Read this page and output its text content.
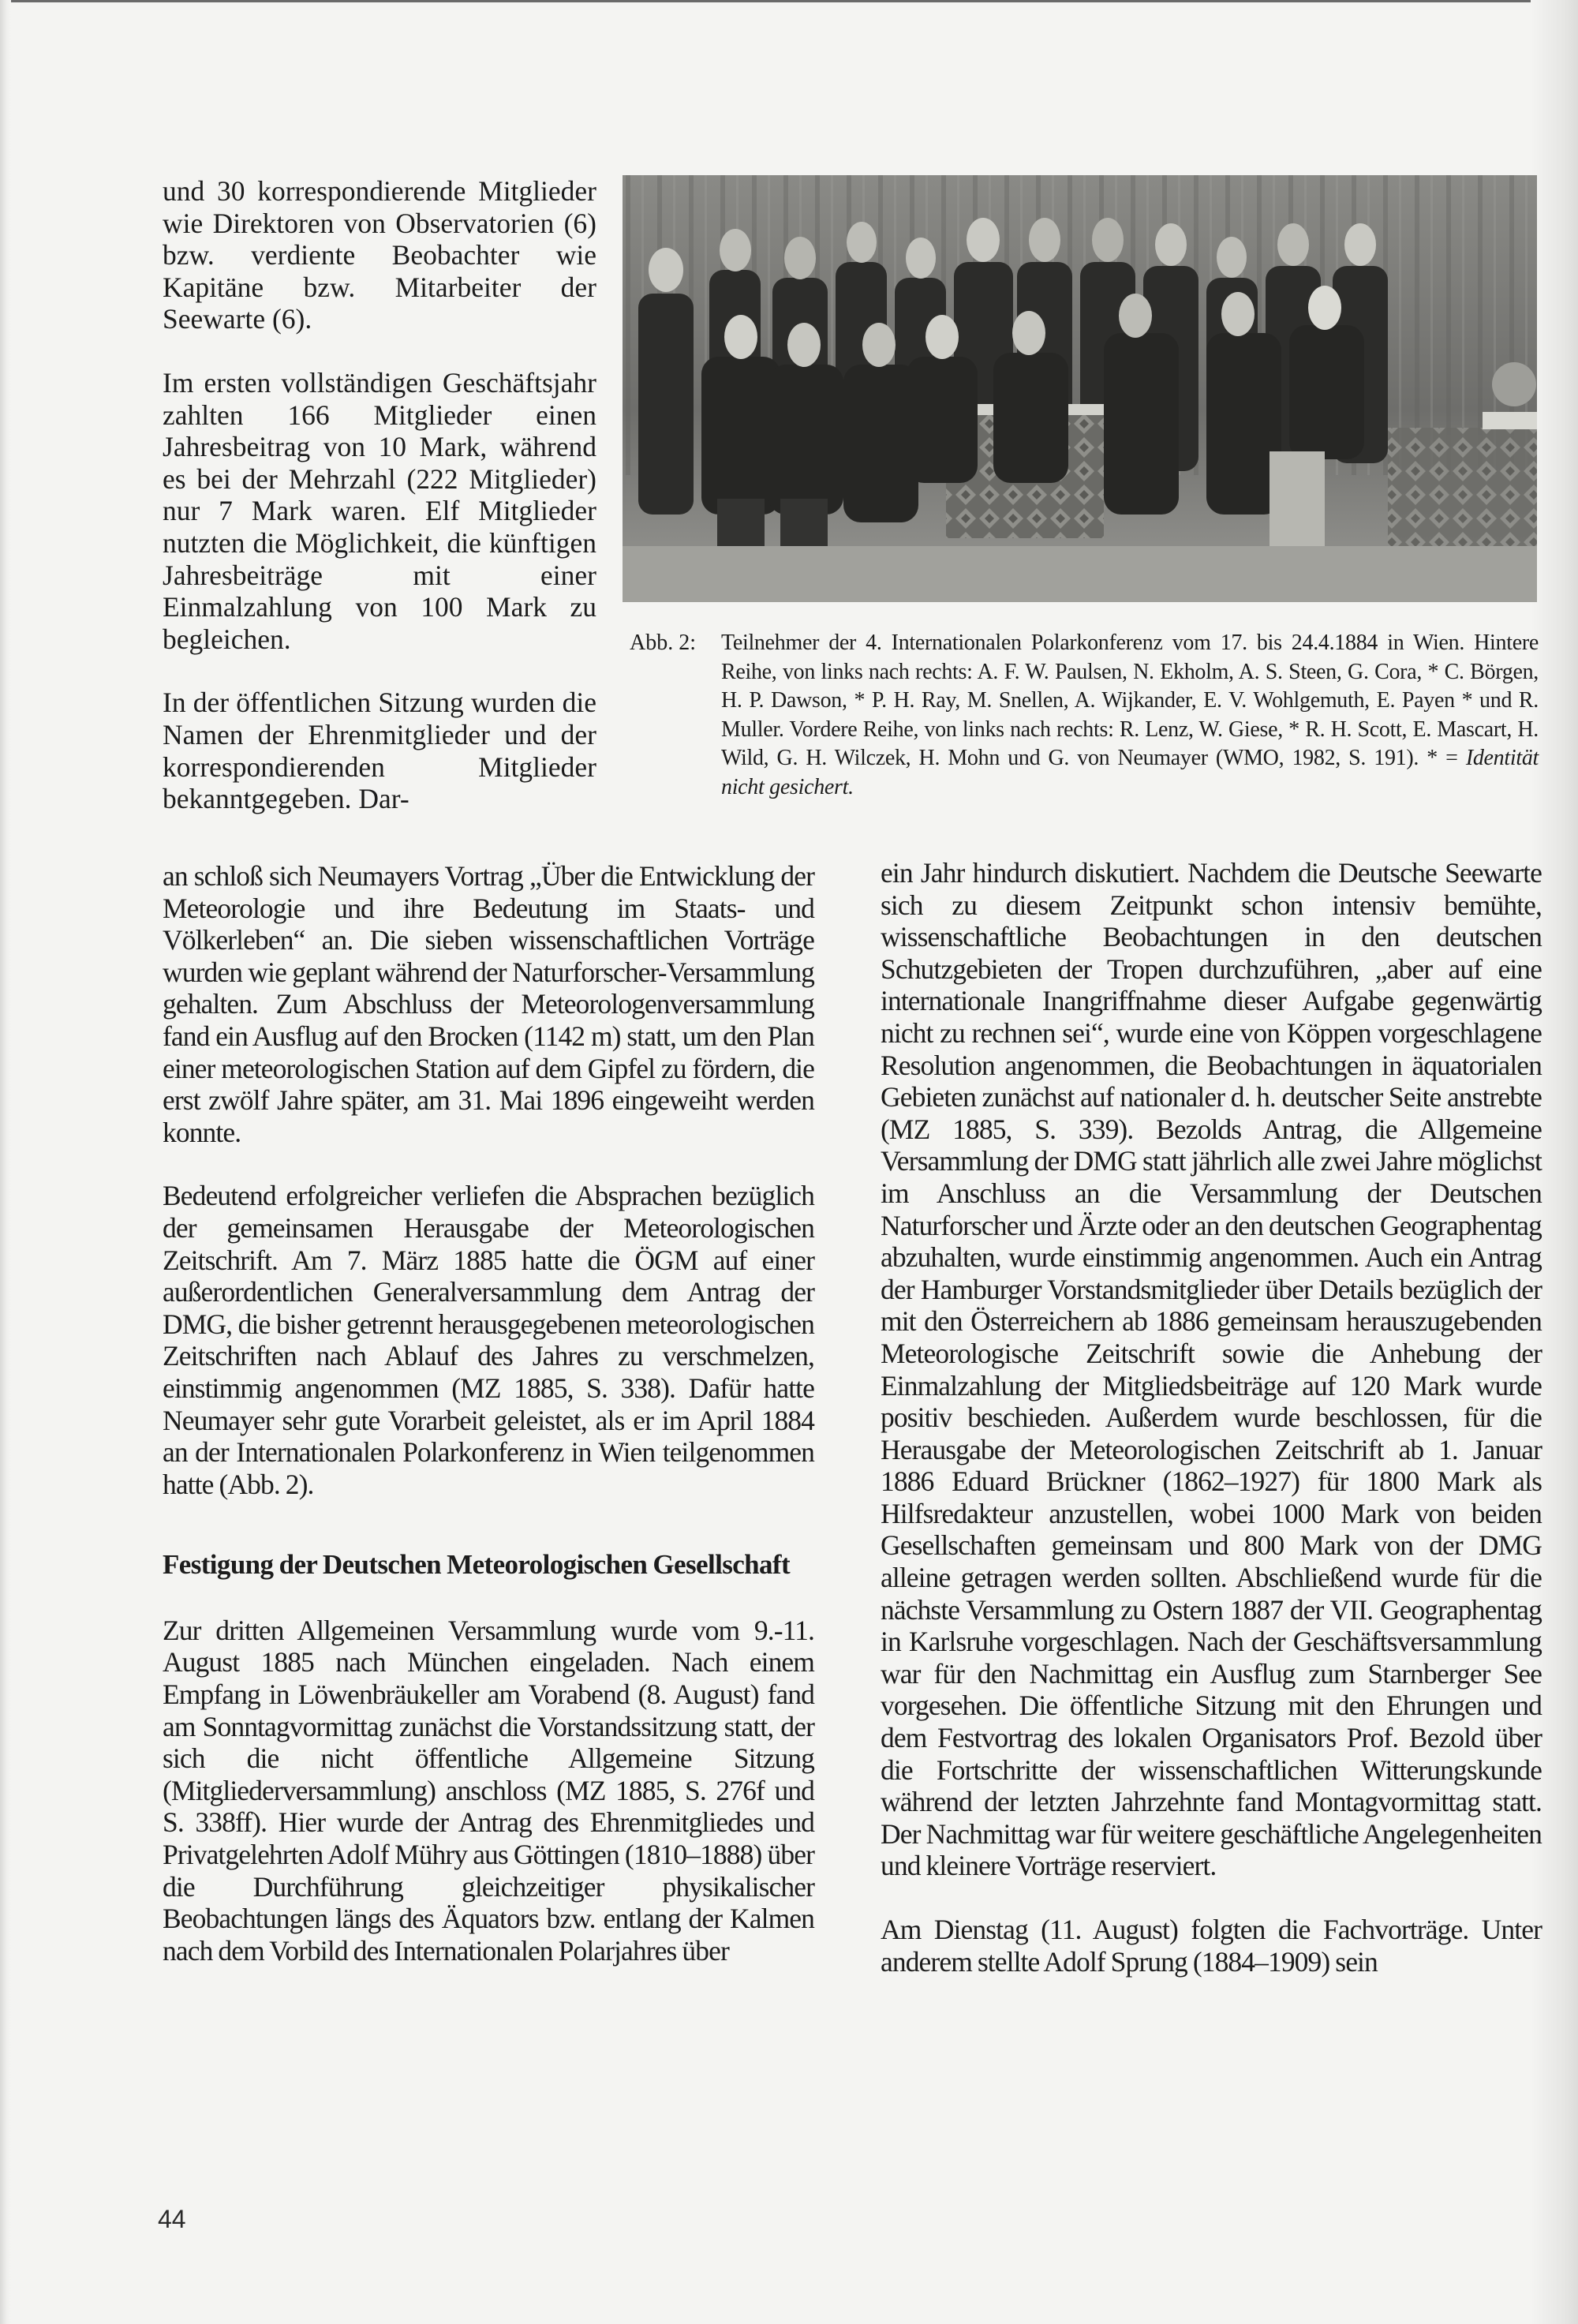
und 30 korrespondierende Mitglieder wie Direktoren von Observatorien (6) bzw. verdiente Beobachter wie Kapitäne bzw. Mitarbeiter der Seewarte (6).

Im ersten vollständigen Geschäftsjahr zahlten 166 Mitglieder einen Jahresbeitrag von 10 Mark, während es bei der Mehrzahl (222 Mitglieder) nur 7 Mark waren. Elf Mitglieder nutzten die Möglichkeit, die künftigen Jahresbeiträge mit einer Einmalzahlung von 100 Mark zu begleichen.

In der öffentlichen Sitzung wurden die Namen der Ehrenmitglieder und der korrespondierenden Mitglieder bekanntgegeben. Dar-

Abb. 2: Teilnehmer der 4. Internationalen Polarkonferenz vom 17. bis 24.4.1884 in Wien. Hintere Reihe, von links nach rechts: A. F. W. Paulsen, N. Ekholm, A. S. Steen, G. Cora, * C. Börgen, H. P. Dawson, * P. H. Ray, M. Snellen, A. Wijkander, E. V. Wohlgemuth, E. Payen * und R. Muller. Vordere Reihe, von links nach rechts: R. Lenz, W. Giese, * R. H. Scott, E. Mascart, H. Wild, G. H. Wilczek, H. Mohn und G. von Neumayer (WMO, 1982, S. 191). * = Identität nicht gesichert.

an schloß sich Neumayers Vortrag „Über die Entwicklung der Meteorologie und ihre Bedeutung im Staats- und Völkerleben“ an. Die sieben wissenschaftlichen Vorträge wurden wie geplant während der Naturforscher-Versammlung gehalten. Zum Abschluss der Meteorologenversammlung fand ein Ausflug auf den Brocken (1142 m) statt, um den Plan einer meteorologischen Station auf dem Gipfel zu fördern, die erst zwölf Jahre später, am 31. Mai 1896 eingeweiht werden konnte.

Bedeutend erfolgreicher verliefen die Absprachen bezüglich der gemeinsamen Herausgabe der Meteorologischen Zeitschrift. Am 7. März 1885 hatte die ÖGM auf einer außerordentlichen Generalversammlung dem Antrag der DMG, die bisher getrennt herausgegebenen meteorologischen Zeitschriften nach Ablauf des Jahres zu verschmelzen, einstimmig angenommen (MZ 1885, S. 338). Dafür hatte Neumayer sehr gute Vorarbeit geleistet, als er im April 1884 an der Internationalen Polarkonferenz in Wien teilgenommen hatte (Abb. 2).

Festigung der Deutschen Meteorologischen Gesellschaft

Zur dritten Allgemeinen Versammlung wurde vom 9.-11. August 1885 nach München eingeladen. Nach einem Empfang in Löwenbräukeller am Vorabend (8. August) fand am Sonntagvormittag zunächst die Vorstandssitzung statt, der sich die nicht öffentliche Allgemeine Sitzung (Mitgliederversammlung) anschloss (MZ 1885, S. 276f und S. 338ff). Hier wurde der Antrag des Ehrenmitgliedes und Privatgelehrten Adolf Mühry aus Göttingen (1810–1888) über die Durchführung gleichzeitiger physikalischer Beobachtungen längs des Äquators bzw. entlang der Kalmen nach dem Vorbild des Internationalen Polarjahres über

ein Jahr hindurch diskutiert. Nachdem die Deutsche Seewarte sich zu diesem Zeitpunkt schon intensiv bemühte, wissenschaftliche Beobachtungen in den deutschen Schutzgebieten der Tropen durchzuführen, „aber auf eine internationale Inangriffnahme dieser Aufgabe gegenwärtig nicht zu rechnen sei“, wurde eine von Köppen vorgeschlagene Resolution angenommen, die Beobachtungen in äquatorialen Gebieten zunächst auf nationaler d. h. deutscher Seite anstrebte (MZ 1885, S. 339). Bezolds Antrag, die Allgemeine Versammlung der DMG statt jährlich alle zwei Jahre möglichst im Anschluss an die Versammlung der Deutschen Naturforscher und Ärzte oder an den deutschen Geographentag abzuhalten, wurde einstimmig angenommen. Auch ein Antrag der Hamburger Vorstandsmitglieder über Details bezüglich der mit den Österreichern ab 1886 gemeinsam herauszugebenden Meteorologische Zeitschrift sowie die Anhebung der Einmalzahlung der Mitgliedsbeiträge auf 120 Mark wurde positiv beschieden. Außerdem wurde beschlossen, für die Herausgabe der Meteorologischen Zeitschrift ab 1. Januar 1886 Eduard Brückner (1862–1927) für 1800 Mark als Hilfsredakteur anzustellen, wobei 1000 Mark von beiden Gesellschaften gemeinsam und 800 Mark von der DMG alleine getragen werden sollten. Abschließend wurde für die nächste Versammlung zu Ostern 1887 der VII. Geographentag in Karlsruhe vorgeschlagen. Nach der Geschäftsversammlung war für den Nachmittag ein Ausflug zum Starnberger See vorgesehen. Die öffentliche Sitzung mit den Ehrungen und dem Festvortrag des lokalen Organisators Prof. Bezold über die Fortschritte der wissenschaftlichen Witterungskunde während der letzten Jahrzehnte fand Montagvormittag statt. Der Nachmittag war für weitere geschäftliche Angelegenheiten und kleinere Vorträge reserviert.

Am Dienstag (11. August) folgten die Fachvorträge. Unter anderem stellte Adolf Sprung (1884–1909) sein

44
